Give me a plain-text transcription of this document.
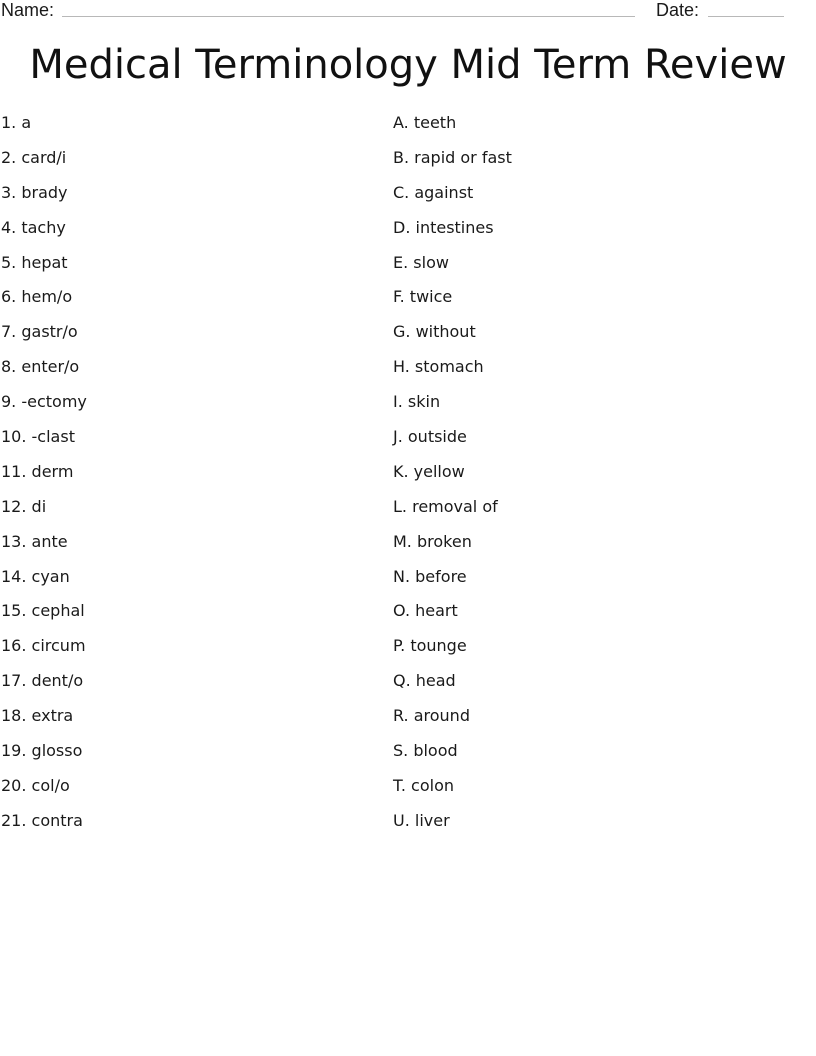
Name:	Date:
Medical Terminology Mid Term Review
1. a
2. card/i
3. brady
4. tachy
5. hepat
6. hem/o
7. gastr/o
8. enter/o
9. -ectomy
10. -clast
11. derm
12. di
13. ante
14. cyan
15. cephal
16. circum
17. dent/o
18. extra
19. glosso
20. col/o
21. contra
A. teeth
B. rapid or fast
C. against
D. intestines
E. slow
F. twice
G. without
H. stomach
I. skin
J. outside
K. yellow
L. removal of
M. broken
N. before
O. heart
P. tounge
Q. head
R. around
S. blood
T. colon
U. liver
